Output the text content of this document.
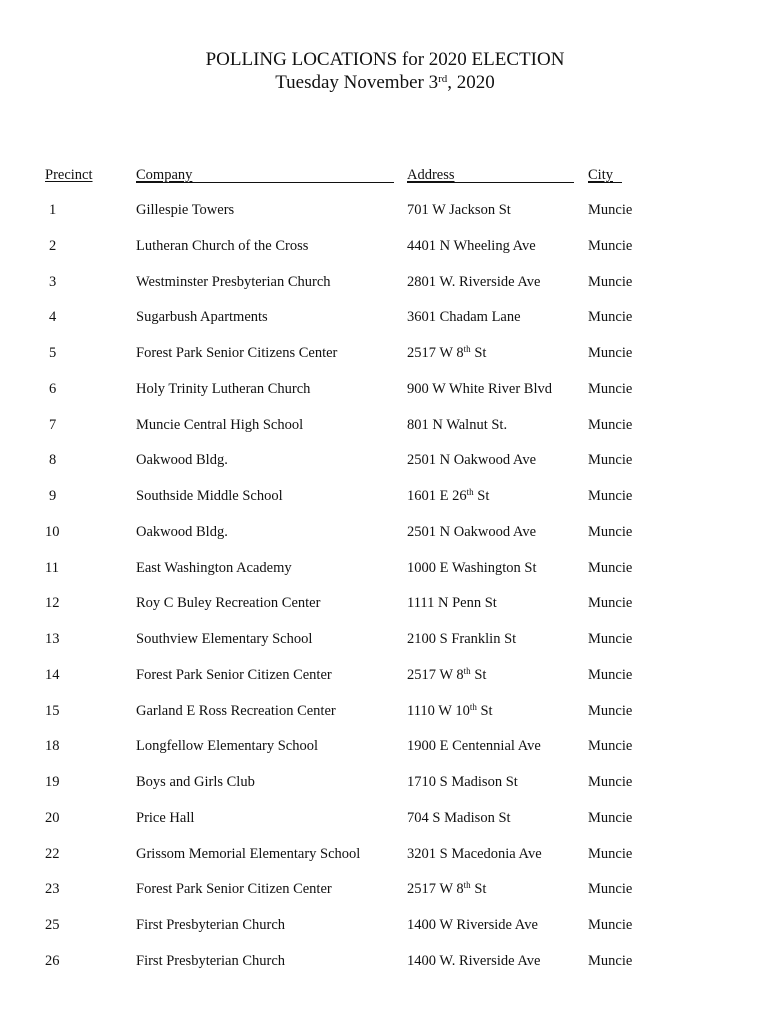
POLLING LOCATIONS for 2020 ELECTION
Tuesday November 3rd, 2020
Precinct	Company	Address	City
1	Gillespie Towers	701 W Jackson St	Muncie
2	Lutheran Church of the Cross	4401 N Wheeling Ave	Muncie
3	Westminster Presbyterian Church	2801 W. Riverside Ave	Muncie
4	Sugarbush Apartments	3601 Chadam Lane	Muncie
5	Forest Park Senior Citizens Center	2517 W 8th St	Muncie
6	Holy Trinity Lutheran Church	900 W White River Blvd Muncie
7	Muncie Central High School	801 N Walnut St.	Muncie
8	Oakwood Bldg.	2501 N Oakwood Ave	Muncie
9	Southside Middle School	1601 E 26th St	Muncie
10	Oakwood Bldg.	2501 N Oakwood Ave	Muncie
11	East Washington Academy	1000 E Washington St	Muncie
12	Roy C Buley Recreation Center	1111 N Penn St	Muncie
13	Southview Elementary School	2100 S Franklin St	Muncie
14	Forest Park Senior Citizen Center	2517 W 8th St	Muncie
15	Garland E Ross Recreation Center	1110 W 10th St	Muncie
18	Longfellow Elementary School	1900 E Centennial Ave	Muncie
19	Boys and Girls Club	1710 S Madison St	Muncie
20	Price Hall	704 S Madison St	Muncie
22	Grissom Memorial Elementary School	3201 S Macedonia Ave	Muncie
23	Forest Park Senior Citizen Center	2517 W 8th St	Muncie
25	First Presbyterian Church	1400 W Riverside Ave	Muncie
26	First Presbyterian Church	1400 W. Riverside Ave	Muncie
